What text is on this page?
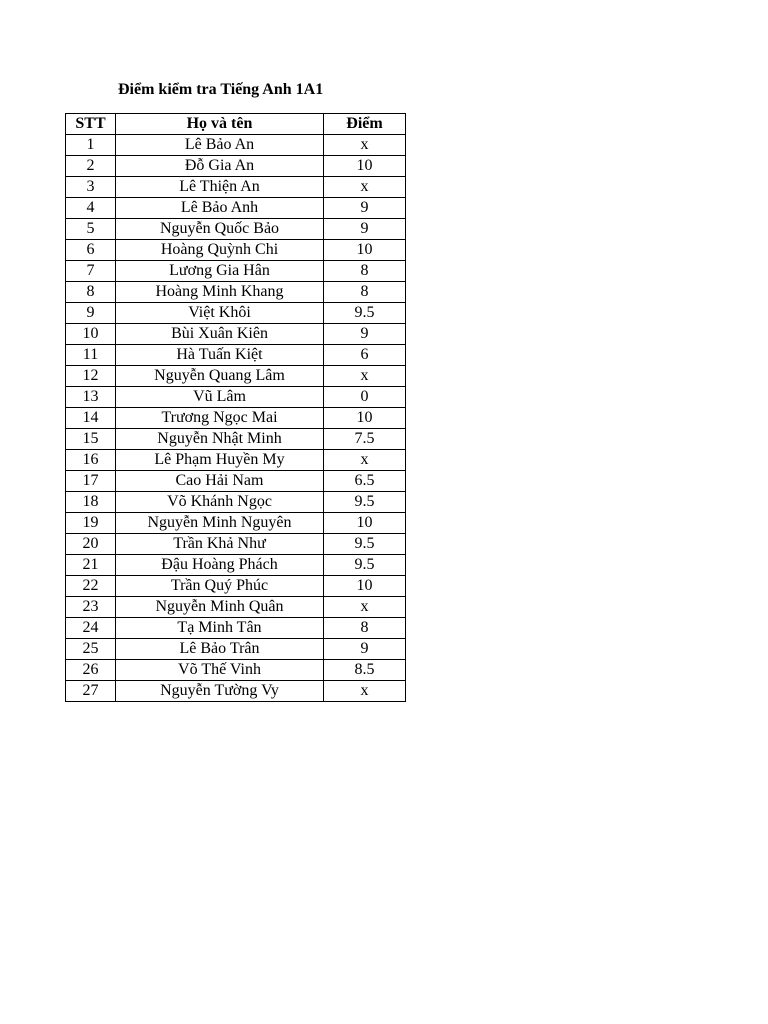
Điểm kiểm tra Tiếng Anh 1A1
STT	Họ và tên	Điểm
1	Lê Bảo An	x
2	Đỗ Gia An	10
3	Lê Thiện An	x
4	Lê Bảo Anh	9
5	Nguyễn Quốc Bảo	9
6	Hoàng Quỳnh Chi	10
7	Lương Gia Hân	8
8	Hoàng Minh Khang	8
9	Việt Khôi	9.5
10	Bùi Xuân Kiên	9
11	Hà Tuấn Kiệt	6
12	Nguyễn Quang Lâm	x
13	Vũ Lâm	0
14	Trương Ngọc Mai	10
15	Nguyễn Nhật Minh	7.5
16	Lê Phạm Huyền My	x
17	Cao Hải Nam	6.5
18	Võ Khánh Ngọc	9.5
19	Nguyễn Minh Nguyên	10
20	Trần Khả Như	9.5
21	Đậu Hoàng Phách	9.5
22	Trần Quý Phúc	10
23	Nguyễn Minh Quân	x
24	Tạ Minh Tân	8
25	Lê Bảo Trân	9
26	Võ Thế Vinh	8.5
27	Nguyễn Tường Vy	x
